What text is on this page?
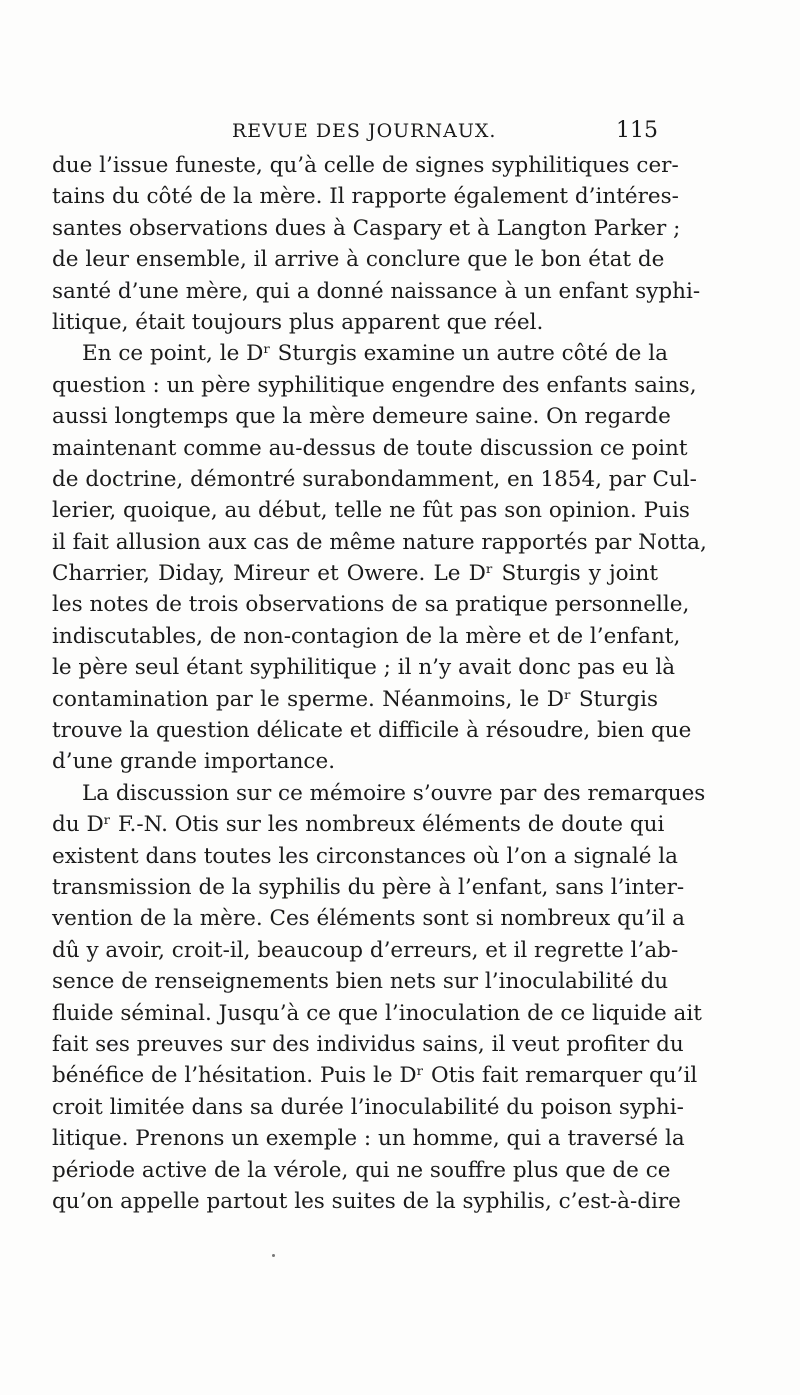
REVUE DES JOURNAUX.	115
due l’issue funeste, qu’à celle de signes syphilitiques cer-
tains du côté de la mère. Il rapporte également d’intéres-
santes observations dues à Caspary et à Langton Parker ;
de leur ensemble, il arrive à conclure que le bon état de
santé d’une mère, qui a donné naissance à un enfant syphi-
litique, était toujours plus apparent que réel.
En ce point, le Dʳ Sturgis examine un autre côté de la
question : un père syphilitique engendre des enfants sains,
aussi longtemps que la mère demeure saine. On regarde
maintenant comme au-dessus de toute discussion ce point
de doctrine, démontré surabondamment, en 1854, par Cul-
lerier, quoique, au début, telle ne fût pas son opinion. Puis
il fait allusion aux cas de même nature rapportés par Notta,
Charrier, Diday, Mireur et Owere. Le Dʳ Sturgis y joint
les notes de trois observations de sa pratique personnelle,
indiscutables, de non-contagion de la mère et de l’enfant,
le père seul étant syphilitique ; il n’y avait donc pas eu là
contamination par le sperme. Néanmoins, le Dʳ Sturgis
trouve la question délicate et difficile à résoudre, bien que
d’une grande importance.
La discussion sur ce mémoire s’ouvre par des remarques
du Dʳ F.-N. Otis sur les nombreux éléments de doute qui
existent dans toutes les circonstances où l’on a signalé la
transmission de la syphilis du père à l’enfant, sans l’inter-
vention de la mère. Ces éléments sont si nombreux qu’il a
dû y avoir, croit-il, beaucoup d’erreurs, et il regrette l’ab-
sence de renseignements bien nets sur l’inoculabilité du
fluide séminal. Jusqu’à ce que l’inoculation de ce liquide ait
fait ses preuves sur des individus sains, il veut profiter du
bénéfice de l’hésitation. Puis le Dʳ Otis fait remarquer qu’il
croit limitée dans sa durée l’inoculabilité du poison syphi-
litique. Prenons un exemple : un homme, qui a traversé la
période active de la vérole, qui ne souffre plus que de ce
qu’on appelle partout les suites de la syphilis, c’est-à-dire
